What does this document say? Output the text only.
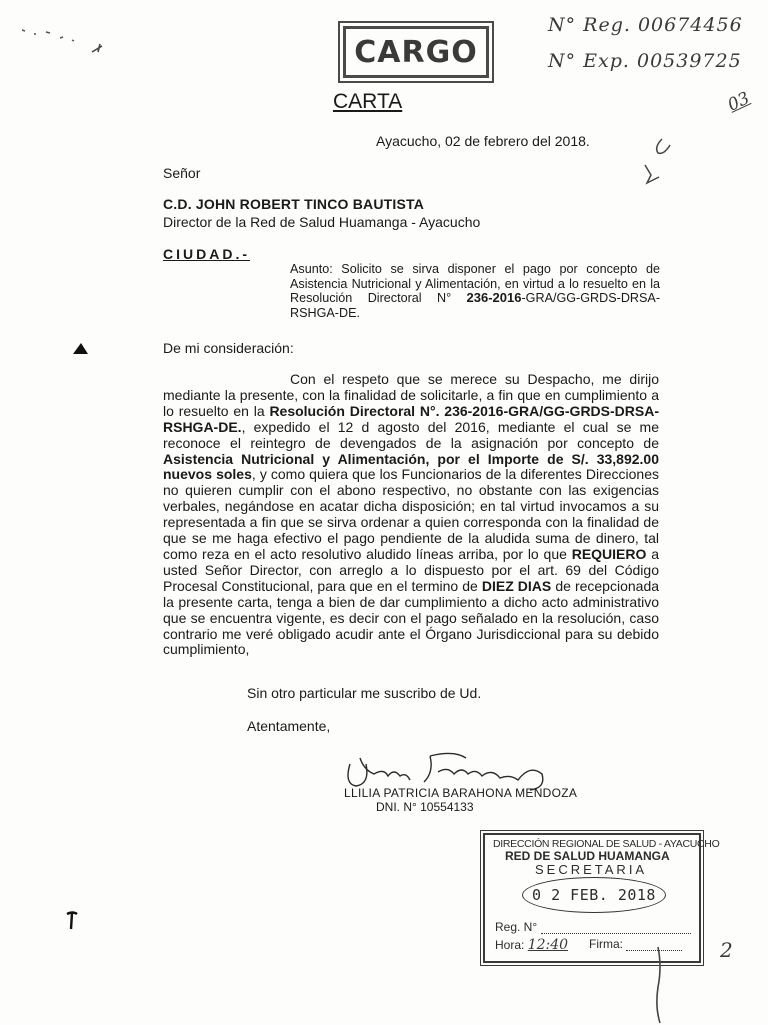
CARGO
N° Reg. 00674456
N° Exp. 00539725
03
CARTA
Ayacucho, 02 de febrero del 2018.
Señor
C.D. JOHN ROBERT TINCO BAUTISTA
Director de la Red de Salud Huamanga - Ayacucho
CIUDAD.-
Asunto: Solicito se sirva disponer el pago por concepto de Asistencia Nutricional y Alimentación, en virtud a lo resuelto en la Resolución Directoral N° 236-2016-GRA/GG-GRDS-DRSA-RSHGA-DE.
De mi consideración:

Con el respeto que se merece su Despacho, me dirijo mediante la presente, con la finalidad de solicitarle, a fin que en cumplimiento a lo resuelto en la Resolución Directoral N°. 236-2016-GRA/GG-GRDS-DRSA-RSHGA-DE., expedido el 12 d agosto del 2016, mediante el cual se me reconoce el reintegro de devengados de la asignación por concepto de Asistencia Nutricional y Alimentación, por el Importe de S/. 33,892.00 nuevos soles, y como quiera que los Funcionarios de la diferentes Direcciones no quieren cumplir con el abono respectivo, no obstante con las exigencias verbales, negándose en acatar dicha disposición; en tal virtud invocamos a su representada a fin que se sirva ordenar a quien corresponda con la finalidad de que se me haga efectivo el pago pendiente de la aludida suma de dinero, tal como reza en el acto resolutivo aludido líneas arriba, por lo que REQUIERO a usted Señor Director, con arreglo a lo dispuesto por el art. 69 del Código Procesal Constitucional, para que en el termino de DIEZ DIAS de recepcionada la presente carta, tenga a bien de dar cumplimiento a dicho acto administrativo que se encuentra vigente, es decir con el pago señalado en la resolución, caso contrario me veré obligado acudir ante el Órgano Jurisdiccional para su debido cumplimiento,

Sin otro particular me suscribo de Ud.
Atentamente,
LLILIA PATRICIA BARAHONA MENDOZA
DNI. N° 10554133
DIRECCIÓN REGIONAL DE SALUD - AYACUCHO
RED DE SALUD HUAMANGA
SECRETARIA
0 2 FEB. 2018
Reg. N°
Hora: 12:40 Firma:	2
